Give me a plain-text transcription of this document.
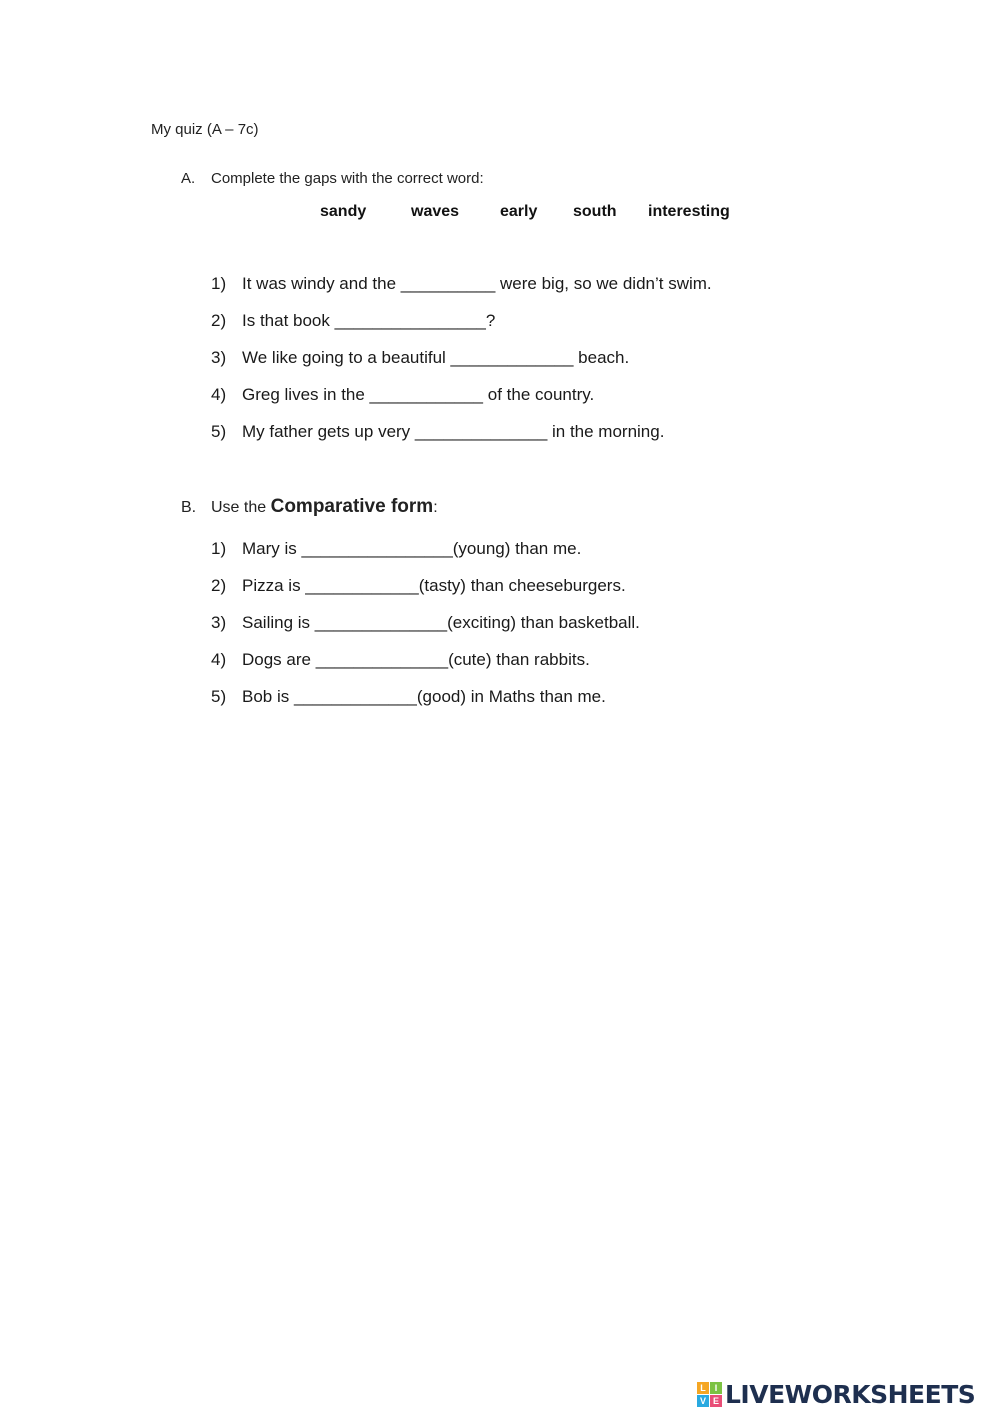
My quiz (A – 7c)
A. Complete the gaps with the correct word:
sandy	waves	early south interesting
1) It was windy and the __________ were big, so we didn’t swim.
2) Is that book ________________?
3) We like going to a beautiful _____________ beach.
4) Greg lives in the ____________ of the country.
5) My father gets up very ______________ in the morning.
B. Use the Comparative form:
1) Mary is ________________(young) than me.
2) Pizza is ____________(tasty) than cheeseburgers.
3) Sailing is ______________(exciting) than basketball.
4) Dogs are ______________(cute) than rabbits.
5) Bob is _____________(good) in Maths than me.
L I
V E LIVEWORKSHEETS
